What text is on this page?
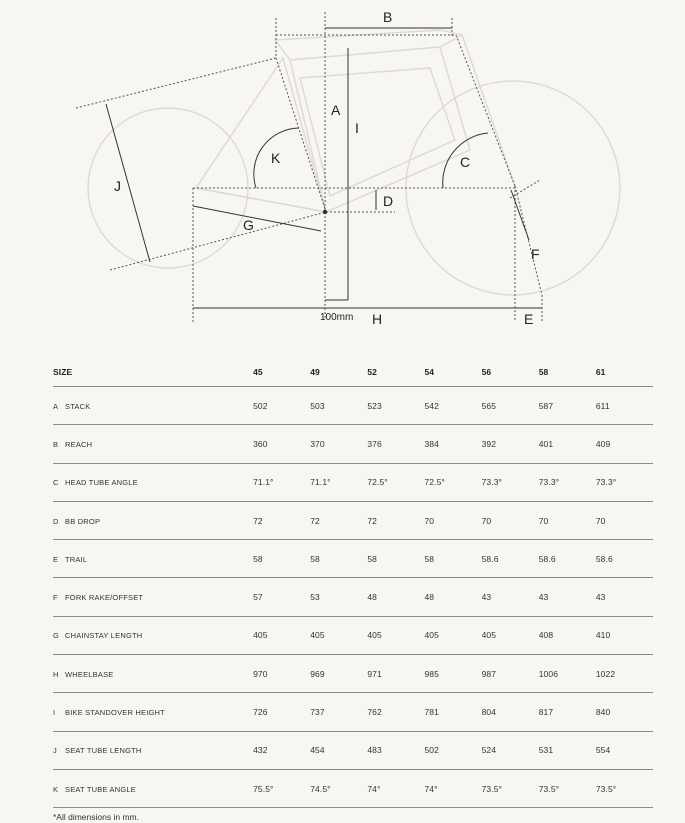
A
B
C
D
E
F
G
H
I
J
K
100mm
SIZE	45	49	52	54	56	58	61
A STACK	502	503	523	542	565	587	611
B REACH	360	370	376	384	392	401	409
C HEAD TUBE ANGLE	71.1°	71.1°	72.5°	72.5°	73.3°	73.3°	73.3°
D BB DROP	72	72	72	70	70	70	70
E TRAIL	58	58	58	58	58.6	58.6	58.6
F FORK RAKE/OFFSET	57	53	48	48	43	43	43
G CHAINSTAY LENGTH	405	405	405	405	405	408	410
H WHEELBASE	970	969	971	985	987	1006	1022
I BIKE STANDOVER HEIGHT	726	737	762	781	804	817	840
J SEAT TUBE LENGTH	432	454	483	502	524	531	554
K SEAT TUBE ANGLE	75.5°	74.5°	74°	74°	73.5°	73.5°	73.5°
*All dimensions in mm.
